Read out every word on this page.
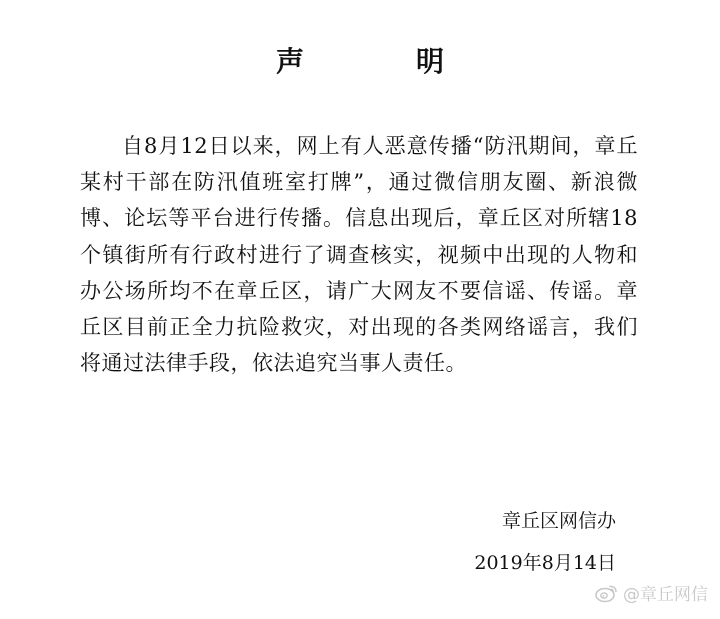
声　明

自8月12日以来，网上有人恶意传播“防汛期间，章丘某村干部在防汛值班室打牌”，通过微信朋友圈、新浪微博、论坛等平台进行传播。信息出现后，章丘区对所辖18个镇街所有行政村进行了调查核实，视频中出现的人物和办公场所均不在章丘区，请广大网友不要信谣、传谣。章丘区目前正全力抗险救灾，对出现的各类网络谣言，我们将通过法律手段，依法追究当事人责任。

章丘区网信办
2019年8月14日
@章丘网信
